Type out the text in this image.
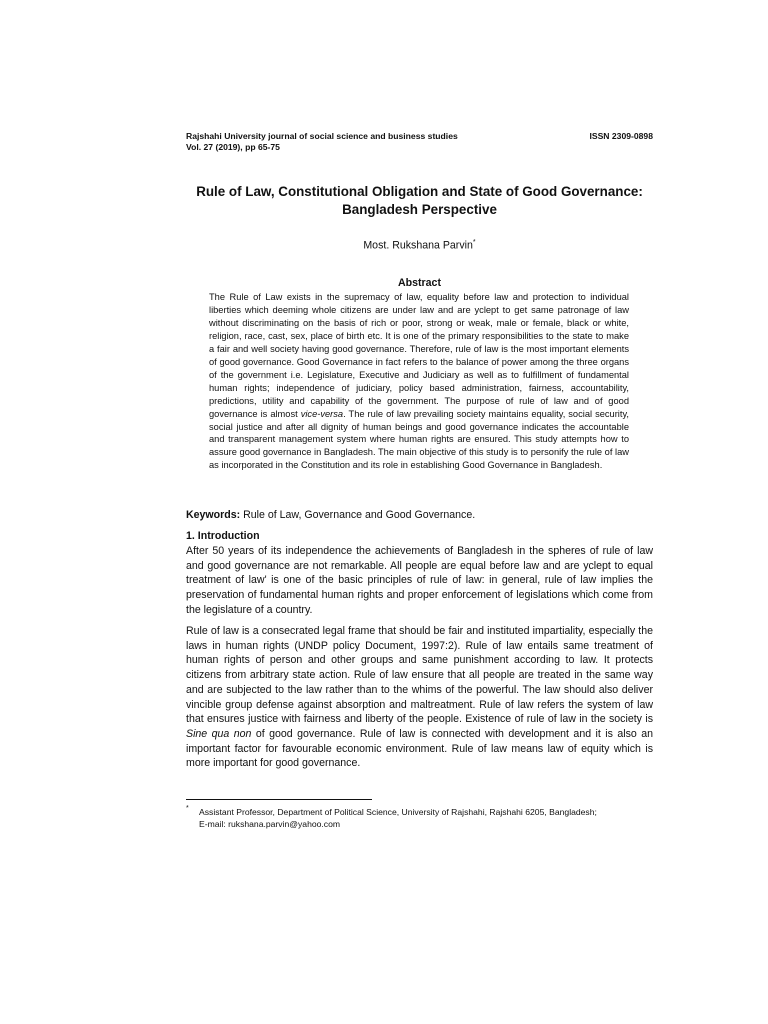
Rajshahi University journal of social science and business studies
Vol. 27 (2019), pp 65-75
ISSN 2309-0898
Rule of Law, Constitutional Obligation and State of Good Governance:
Bangladesh Perspective
Most. Rukshana Parvin*
Abstract
The Rule of Law exists in the supremacy of law, equality before law and protection to individual liberties which deeming whole citizens are under law and are yclept to get same patronage of law without discriminating on the basis of rich or poor, strong or weak, male or female, black or white, religion, race, cast, sex, place of birth etc. It is one of the primary responsibilities to the state to make a fair and well society having good governance. Therefore, rule of law is the most important elements of good governance. Good Governance in fact refers to the balance of power among the three organs of the government i.e. Legislature, Executive and Judiciary as well as to fulfillment of fundamental human rights; independence of judiciary, policy based administration, fairness, accountability, predictions, utility and capability of the government. The purpose of rule of law and of good governance is almost vice-versa. The rule of law prevailing society maintains equality, social security, social justice and after all dignity of human beings and good governance indicates the accountable and transparent management system where human rights are ensured. This study attempts how to assure good governance in Bangladesh. The main objective of this study is to personify the rule of law as incorporated in the Constitution and its role in establishing Good Governance in Bangladesh.
Keywords: Rule of Law, Governance and Good Governance.
1. Introduction
After 50 years of its independence the achievements of Bangladesh in the spheres of rule of law and good governance are not remarkable. All people are equal before law and are yclept to equal treatment of law' is one of the basic principles of rule of law: in general, rule of law implies the preservation of fundamental human rights and proper enforcement of legislations which come from the legislature of a country.
Rule of law is a consecrated legal frame that should be fair and instituted impartiality, especially the laws in human rights (UNDP policy Document, 1997:2). Rule of law entails same treatment of human rights of person and other groups and same punishment according to law. It protects citizens from arbitrary state action. Rule of law ensure that all people are treated in the same way and are subjected to the law rather than to the whims of the powerful. The law should also deliver vincible group defense against absorption and maltreatment. Rule of law refers the system of law that ensures justice with fairness and liberty of the people. Existence of rule of law in the society is Sine qua non of good governance. Rule of law is connected with development and it is also an important factor for favourable economic environment. Rule of law means law of equity which is more important for good governance.
* Assistant Professor, Department of Political Science, University of Rajshahi, Rajshahi 6205, Bangladesh;
E-mail: rukshana.parvin@yahoo.com
